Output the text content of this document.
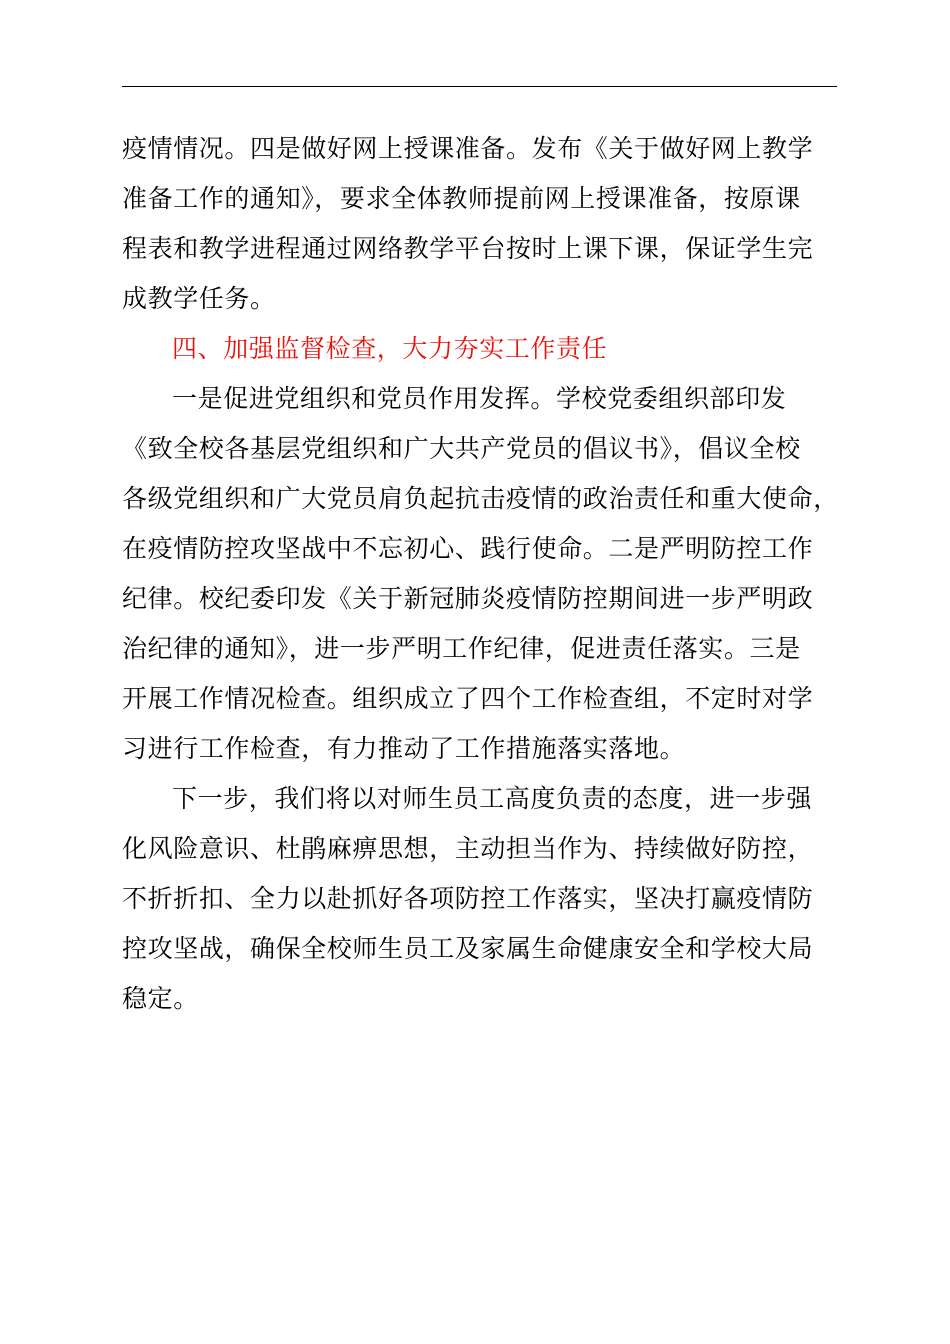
疫情情况。四是做好网上授课准备。发布《关于做好网上教学
准备工作的通知》，要求全体教师提前网上授课准备，按原课
程表和教学进程通过网络教学平台按时上课下课，保证学生完
成教学任务。
四、加强监督检查，大力夯实工作责任
一是促进党组织和党员作用发挥。学校党委组织部印发
《致全校各基层党组织和广大共产党员的倡议书》，倡议全校
各级党组织和广大党员肩负起抗击疫情的政治责任和重大使命，
在疫情防控攻坚战中不忘初心、践行使命。二是严明防控工作
纪律。校纪委印发《关于新冠肺炎疫情防控期间进一步严明政
治纪律的通知》，进一步严明工作纪律，促进责任落实。三是
开展工作情况检查。组织成立了四个工作检查组，不定时对学
习进行工作检查，有力推动了工作措施落实落地。
下一步，我们将以对师生员工高度负责的态度，进一步强
化风险意识、杜鹃麻痹思想，主动担当作为、持续做好防控，
不折折扣、全力以赴抓好各项防控工作落实，坚决打赢疫情防
控攻坚战，确保全校师生员工及家属生命健康安全和学校大局
稳定。
